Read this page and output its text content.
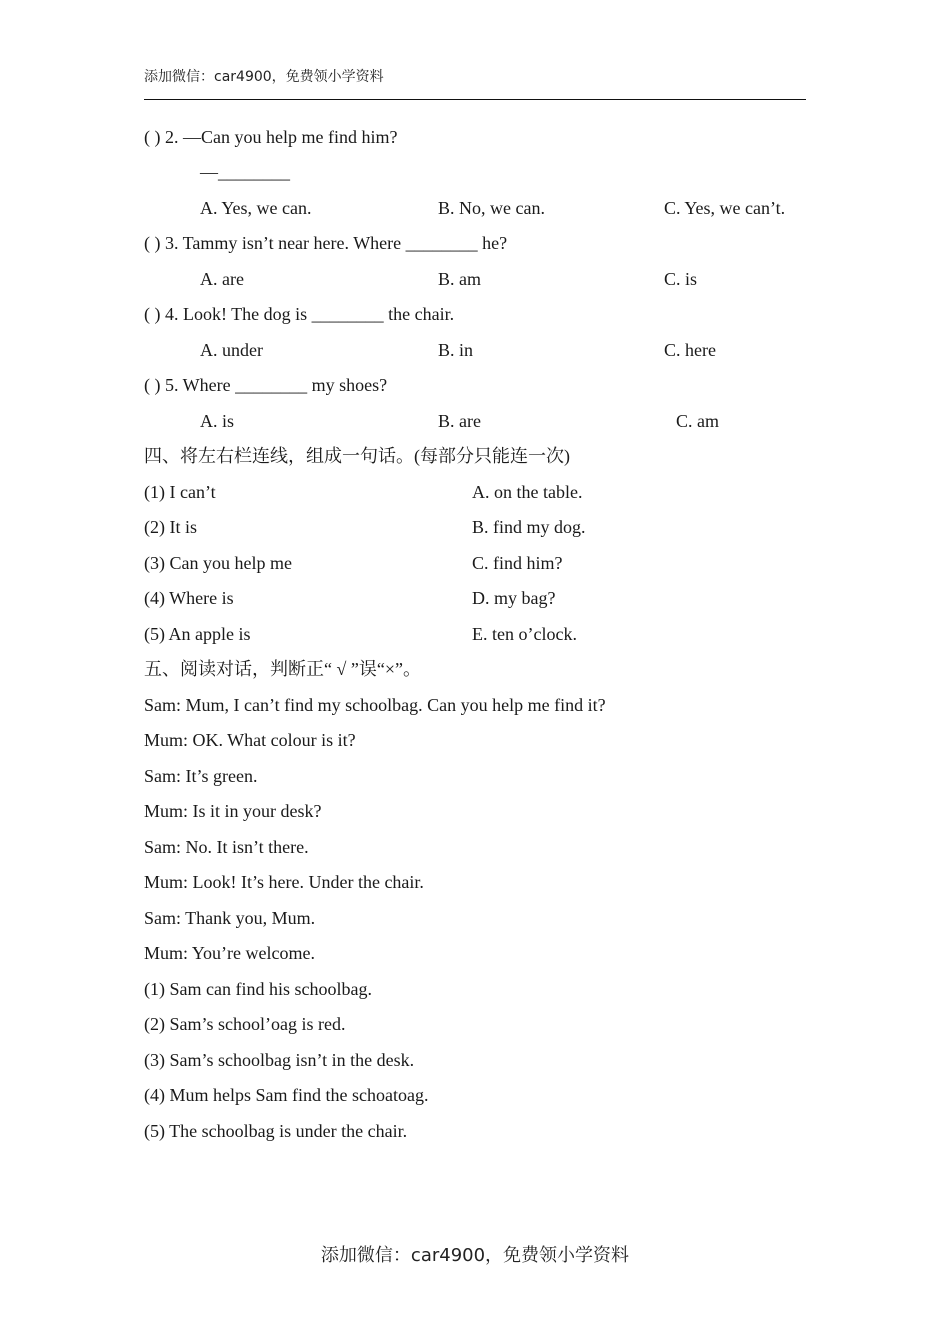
添加微信：car4900，免费领小学资料
( ) 2. —Can you help me find him?
—________
A. Yes, we can.	B. No, we can.	C. Yes, we can’t.
( ) 3. Tammy isn’t near here. Where ________ he?
A. are	B. am	C. is
( ) 4. Look! The dog is ________ the chair.
A. under	B. in	C. here
( ) 5. Where ________ my shoes?
A. is	B. are	C. am
四、将左右栏连线，组成一句话。(每部分只能连一次)
(1) I can’t	A. on the table.
(2) It is	B. find my dog.
(3) Can you help me	C. find him?
(4) Where is	D. my bag?
(5) An apple is	E. ten o’clock.
五、阅读对话，判断正“ √ ”误“×”。
Sam: Mum, I can’t find my schoolbag. Can you help me find it?
Mum: OK. What colour is it?
Sam: It’s green.
Mum: Is it in your desk?
Sam: No. It isn’t there.
Mum: Look! It’s here. Under the chair.
Sam: Thank you, Mum.
Mum: You’re welcome.
(1) Sam can find his schoolbag.
(2) Sam’s school’oag is red.
(3) Sam’s schoolbag isn’t in the desk.
(4) Mum helps Sam find the schoatoag.
(5) The schoolbag is under the chair.
添加微信：car4900，免费领小学资料
